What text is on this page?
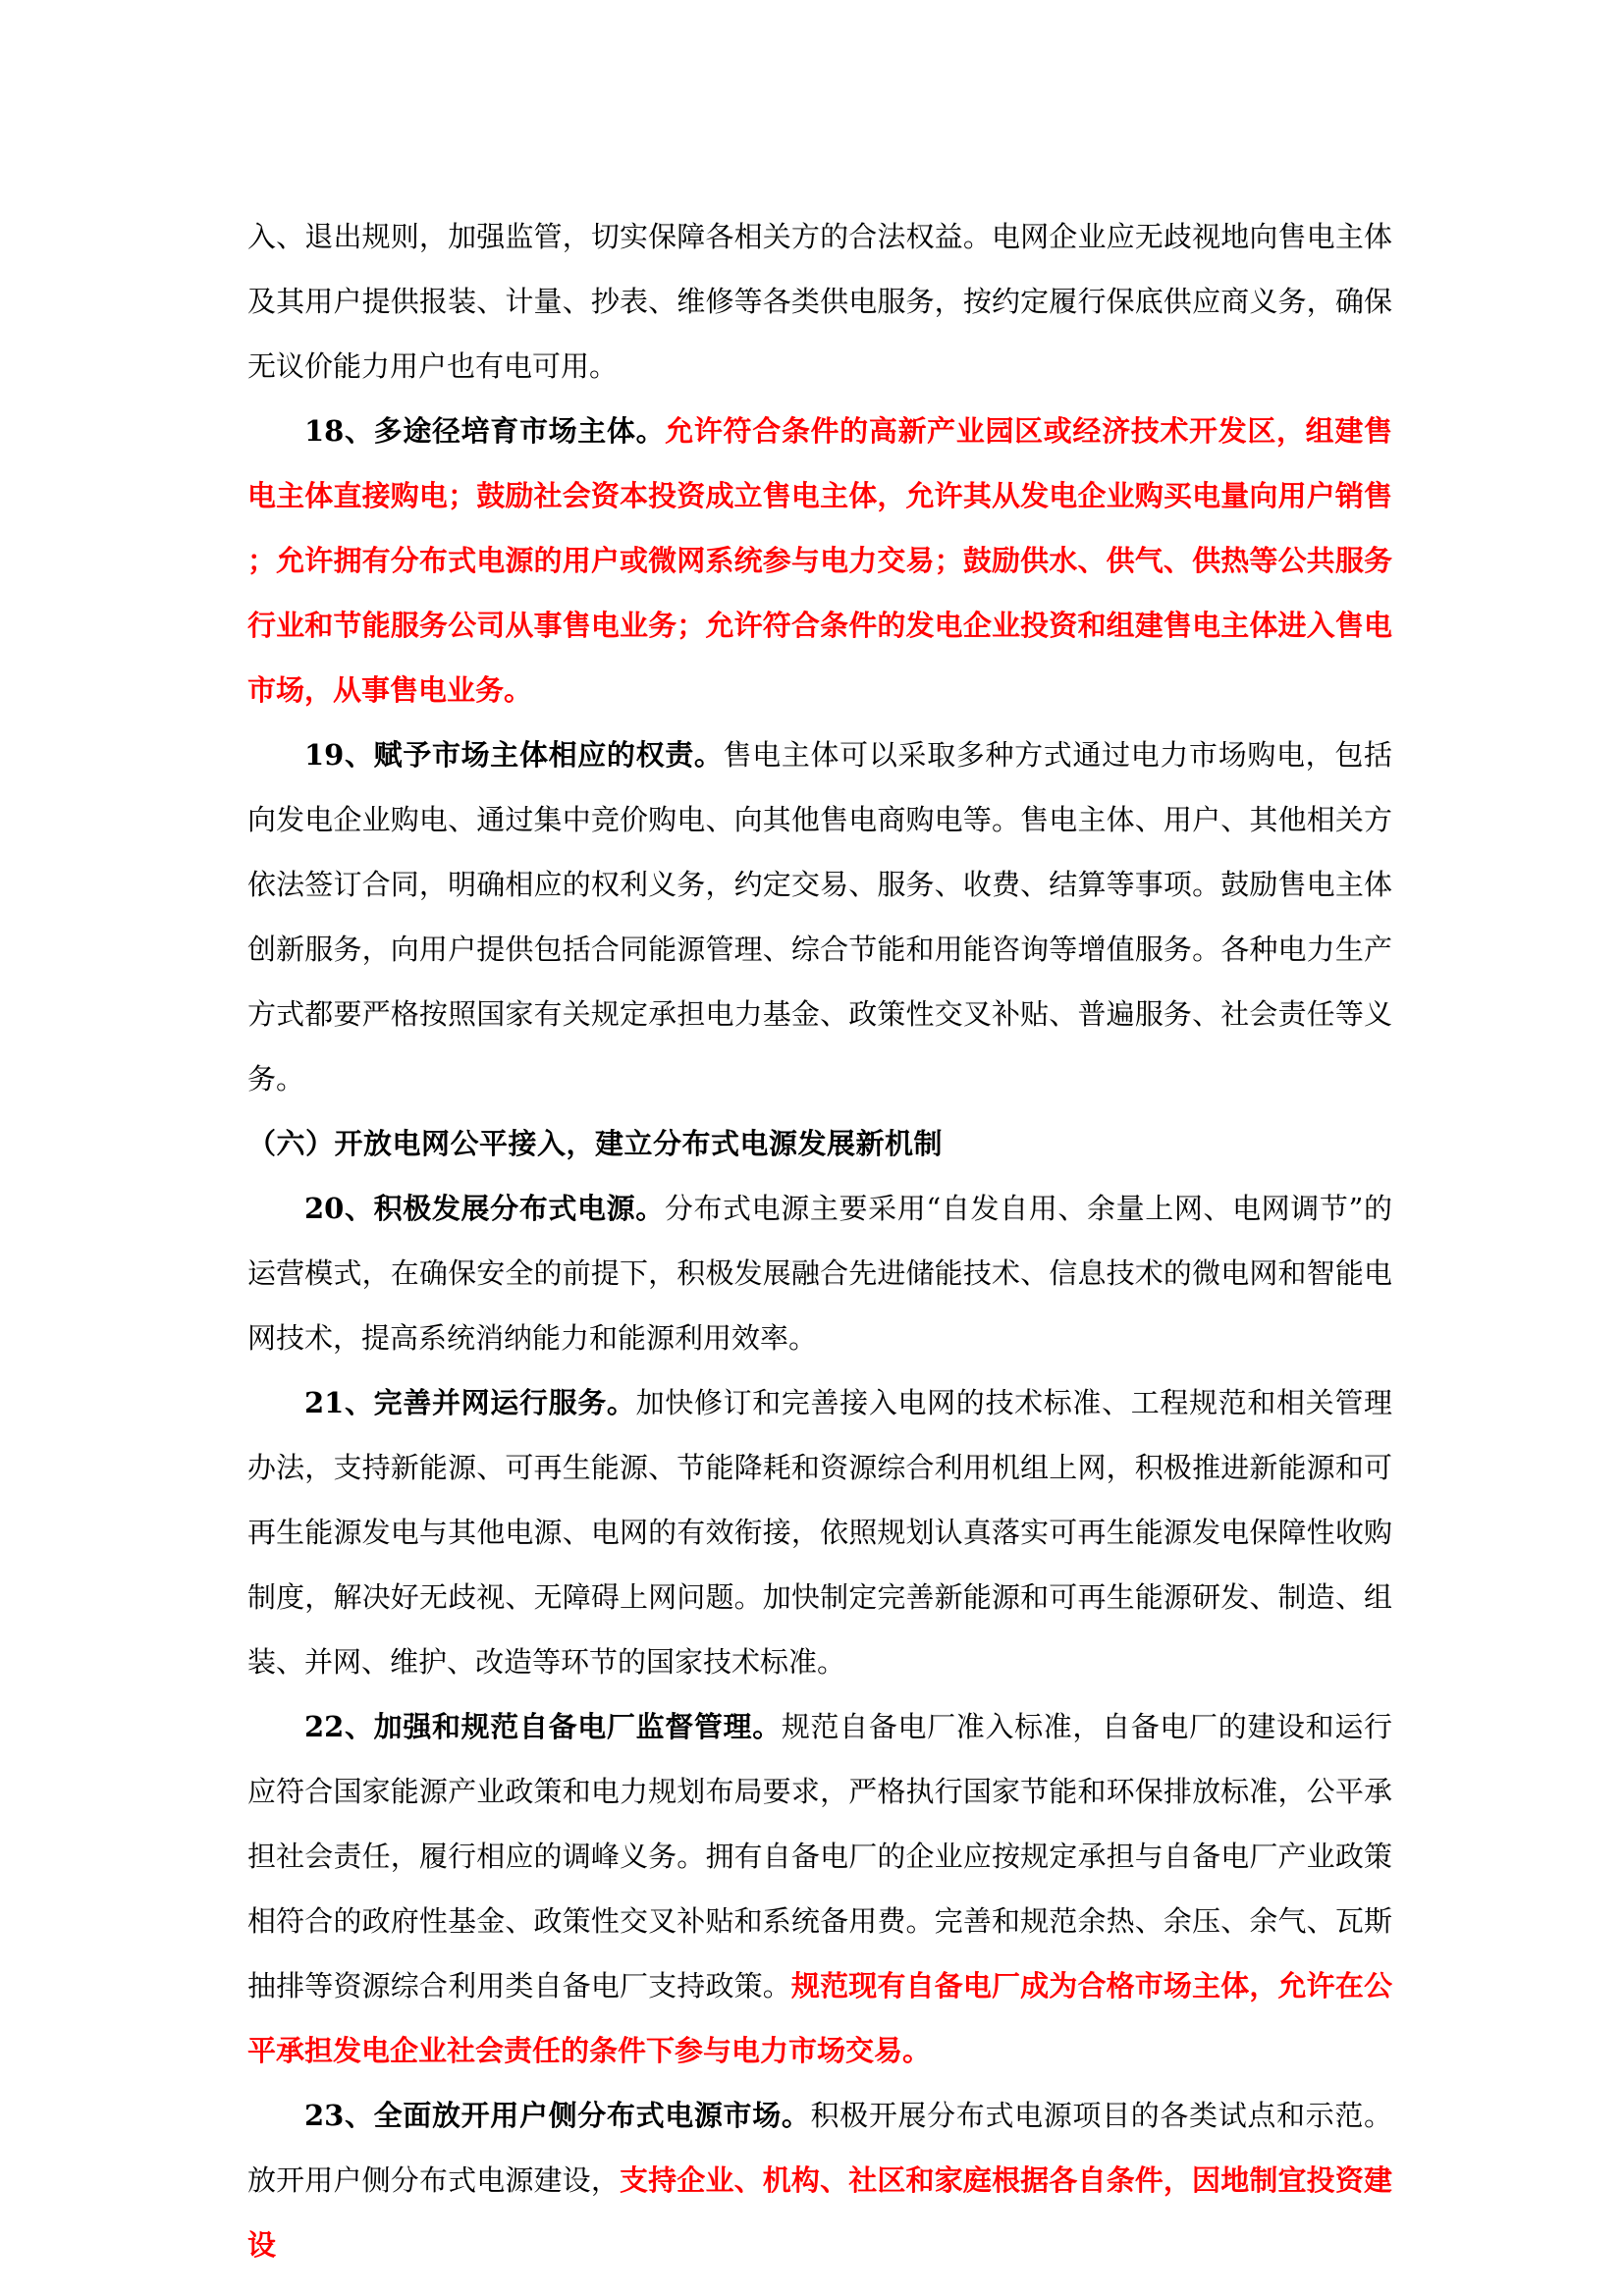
入、退出规则，加强监管，切实保障各相关方的合法权益。电网企业应无歧视地向售电主体及其用户提供报装、计量、抄表、维修等各类供电服务，按约定履行保底供应商义务，确保无议价能力用户也有电可用。

18、多途径培育市场主体。允许符合条件的高新产业园区或经济技术开发区，组建售电主体直接购电；鼓励社会资本投资成立售电主体，允许其从发电企业购买电量向用户销售；允许拥有分布式电源的用户或微网系统参与电力交易；鼓励供水、供气、供热等公共服务行业和节能服务公司从事售电业务；允许符合条件的发电企业投资和组建售电主体进入售电市场，从事售电业务。

19、赋予市场主体相应的权责。售电主体可以采取多种方式通过电力市场购电，包括向发电企业购电、通过集中竞价购电、向其他售电商购电等。售电主体、用户、其他相关方依法签订合同，明确相应的权利义务，约定交易、服务、收费、结算等事项。鼓励售电主体创新服务，向用户提供包括合同能源管理、综合节能和用能咨询等增值服务。各种电力生产方式都要严格按照国家有关规定承担电力基金、政策性交叉补贴、普遍服务、社会责任等义务。

（六）开放电网公平接入，建立分布式电源发展新机制

20、积极发展分布式电源。分布式电源主要采用“自发自用、余量上网、电网调节”的运营模式，在确保安全的前提下，积极发展融合先进储能技术、信息技术的微电网和智能电网技术，提高系统消纳能力和能源利用效率。

21、完善并网运行服务。加快修订和完善接入电网的技术标准、工程规范和相关管理办法，支持新能源、可再生能源、节能降耗和资源综合利用机组上网，积极推进新能源和可再生能源发电与其他电源、电网的有效衔接，依照规划认真落实可再生能源发电保障性收购制度，解决好无歧视、无障碍上网问题。加快制定完善新能源和可再生能源研发、制造、组装、并网、维护、改造等环节的国家技术标准。

22、加强和规范自备电厂监督管理。规范自备电厂准入标准，自备电厂的建设和运行应符合国家能源产业政策和电力规划布局要求，严格执行国家节能和环保排放标准，公平承担社会责任，履行相应的调峰义务。拥有自备电厂的企业应按规定承担与自备电厂产业政策相符合的政府性基金、政策性交叉补贴和系统备用费。完善和规范余热、余压、余气、瓦斯抽排等资源综合利用类自备电厂支持政策。规范现有自备电厂成为合格市场主体，允许在公平承担发电企业社会责任的条件下参与电力市场交易。

23、全面放开用户侧分布式电源市场。积极开展分布式电源项目的各类试点和示范。放开用户侧分布式电源建设，支持企业、机构、社区和家庭根据各自条件，因地制宜投资建设
